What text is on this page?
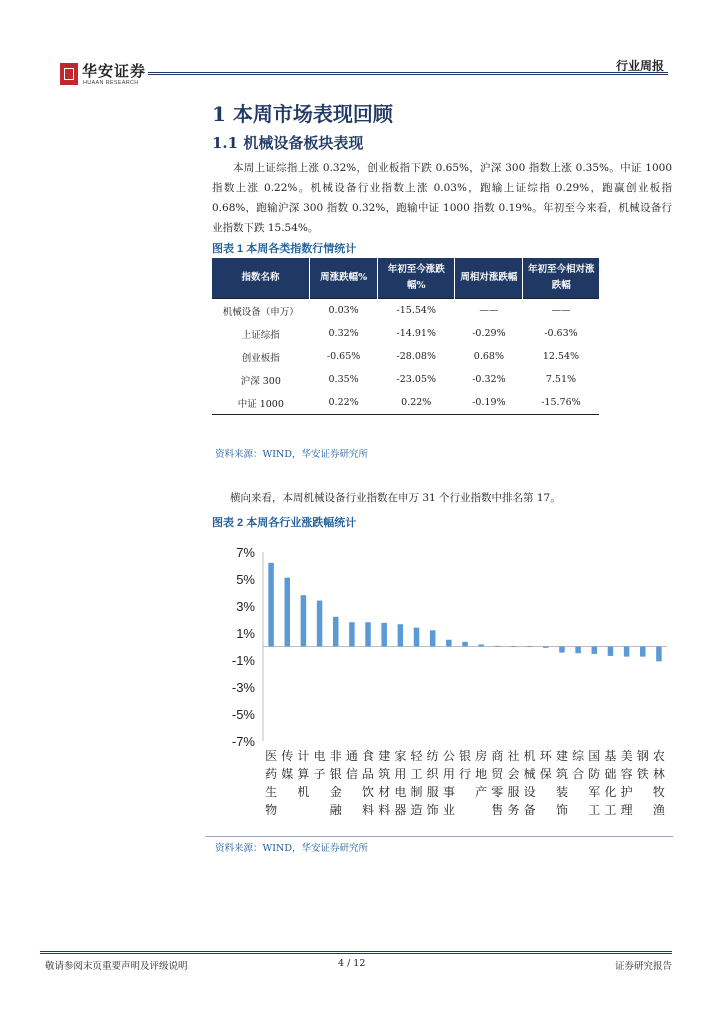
华安证券
HUAAN RESEARCH
行业周报
1 本周市场表现回顾
1.1 机械设备板块表现
本周上证综指上涨 0.32%，创业板指下跌 0.65%，沪深 300 指数上涨 0.35%。中证 1000 指数上涨 0.22%。机械设备行业指数上涨 0.03%，跑输上证综指 0.29%，跑赢创业板指 0.68%，跑输沪深 300 指数 0.32%，跑输中证 1000 指数 0.19%。年初至今来看，机械设备行业指数下跌 15.54%。
图表 1 本周各类指数行情统计
指数名称	周涨跌幅%	年初至今涨跌幅%	周相对涨跌幅	年初至今相对涨跌幅
机械设备（申万）	0.03%	-15.54%	——	——
上证综指	0.32%	-14.91%	-0.29%	-0.63%
创业板指	-0.65%	-28.08%	0.68%	12.54%
沪深 300	0.35%	-23.05%	-0.32%	7.51%
中证 1000	0.22%	0.22%	-0.19%	-15.76%
资料来源：WIND，华安证券研究所
横向来看，本周机械设备行业指数在申万 31 个行业指数中排名第 17。
图表 2 本周各行业涨跌幅统计
7%
5%
3%
1%
-1%
-3%
-5%
-7%
医
药
生
物
传
媒
计
算
机
电
子
非
银
金
融
通
信
食
品
饮
料
建
筑
材
料
家
用
电
器
轻
工
制
造
纺
织
服
饰
公
用
事
业
银
行
房
地
产
商
贸
零
售
社
会
服
务
机
械
设
备
环
保
建
筑
装
饰
综
合
国
防
军
工
基
础
化
工
美
容
护
理
钢
铁
农
林
牧
渔
资料来源：WIND，华安证券研究所
敬请参阅末页重要声明及评级说明	4 / 12	证券研究报告
